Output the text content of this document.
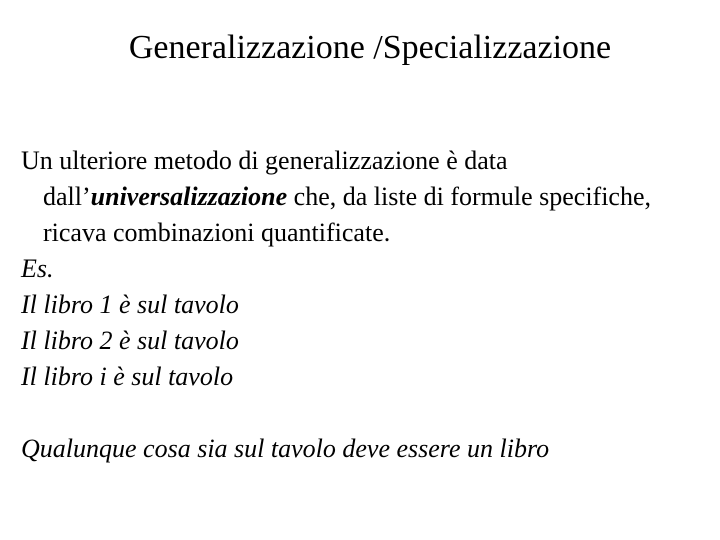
Generalizzazione /Specializzazione

Un ulteriore metodo di generalizzazione è data dall’universalizzazione che, da liste di formule specifiche, ricava combinazioni quantificate.

Es.

Il libro 1 è sul tavolo

Il libro 2 è sul tavolo

Il libro i è sul tavolo

Qualunque cosa sia sul tavolo deve essere un libro
